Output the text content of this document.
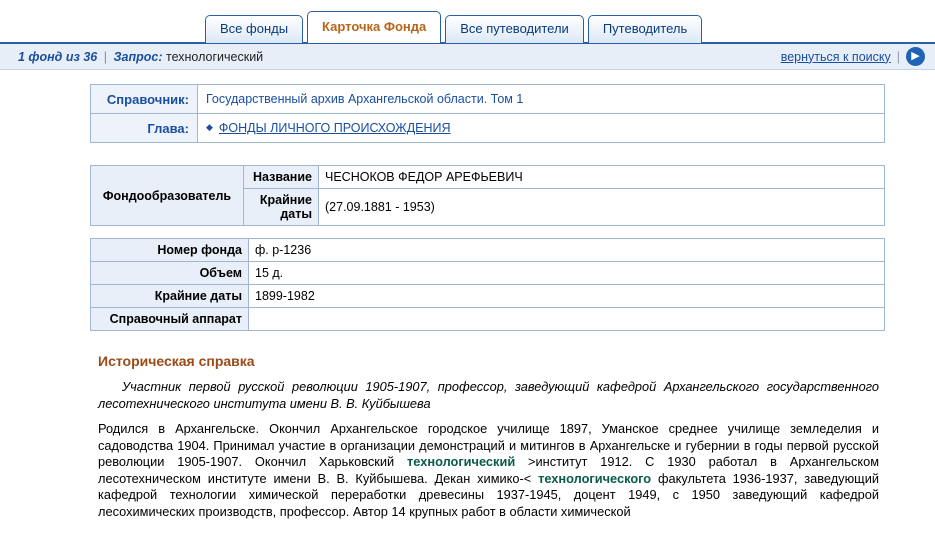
Все фонды	Карточка Фонда	Все путеводители	Путеводитель
1 фонд из 36 | Запрос: технологический	вернуться к поиску |	▶
Справочник:	Государственный архив Архангельской области. Том 1
Глава:	◆ ФОНДЫ ЛИЧНОГО ПРОИСХОЖДЕНИЯ
Фондообразователь	Название	ЧЕСНОКОВ ФЕДОР АРЕФЬЕВИЧ
	Крайние даты	(27.09.1881 - 1953)
Номер фонда	ф. р-1236
Объем	15 д.
Крайние даты	1899-1982
Справочный аппарат	
Историческая справка
Участник первой русской революции 1905-1907, профессор, заведующий кафедрой Архангельского государственного лесотехнического института имени В. В. Куйбышева
Родился в Архангельске. Окончил Архангельское городское училище 1897, Уманское среднее училище земледелия и садоводства 1904. Принимал участие в организации демонстраций и митингов в Архангельске и губернии в годы первой русской революции 1905-1907. Окончил Харьковский технологический >институт 1912. С 1930 работал в Архангельском лесотехническом институте имени В. В. Куйбышева. Декан химико-< технологического факультета 1936-1937, заведующий кафедрой технологии химической переработки древесины 1937-1945, доцент 1949, с 1950 заведующий кафедрой лесохимических производств, профессор. Автор 14 крупных работ в области химической
